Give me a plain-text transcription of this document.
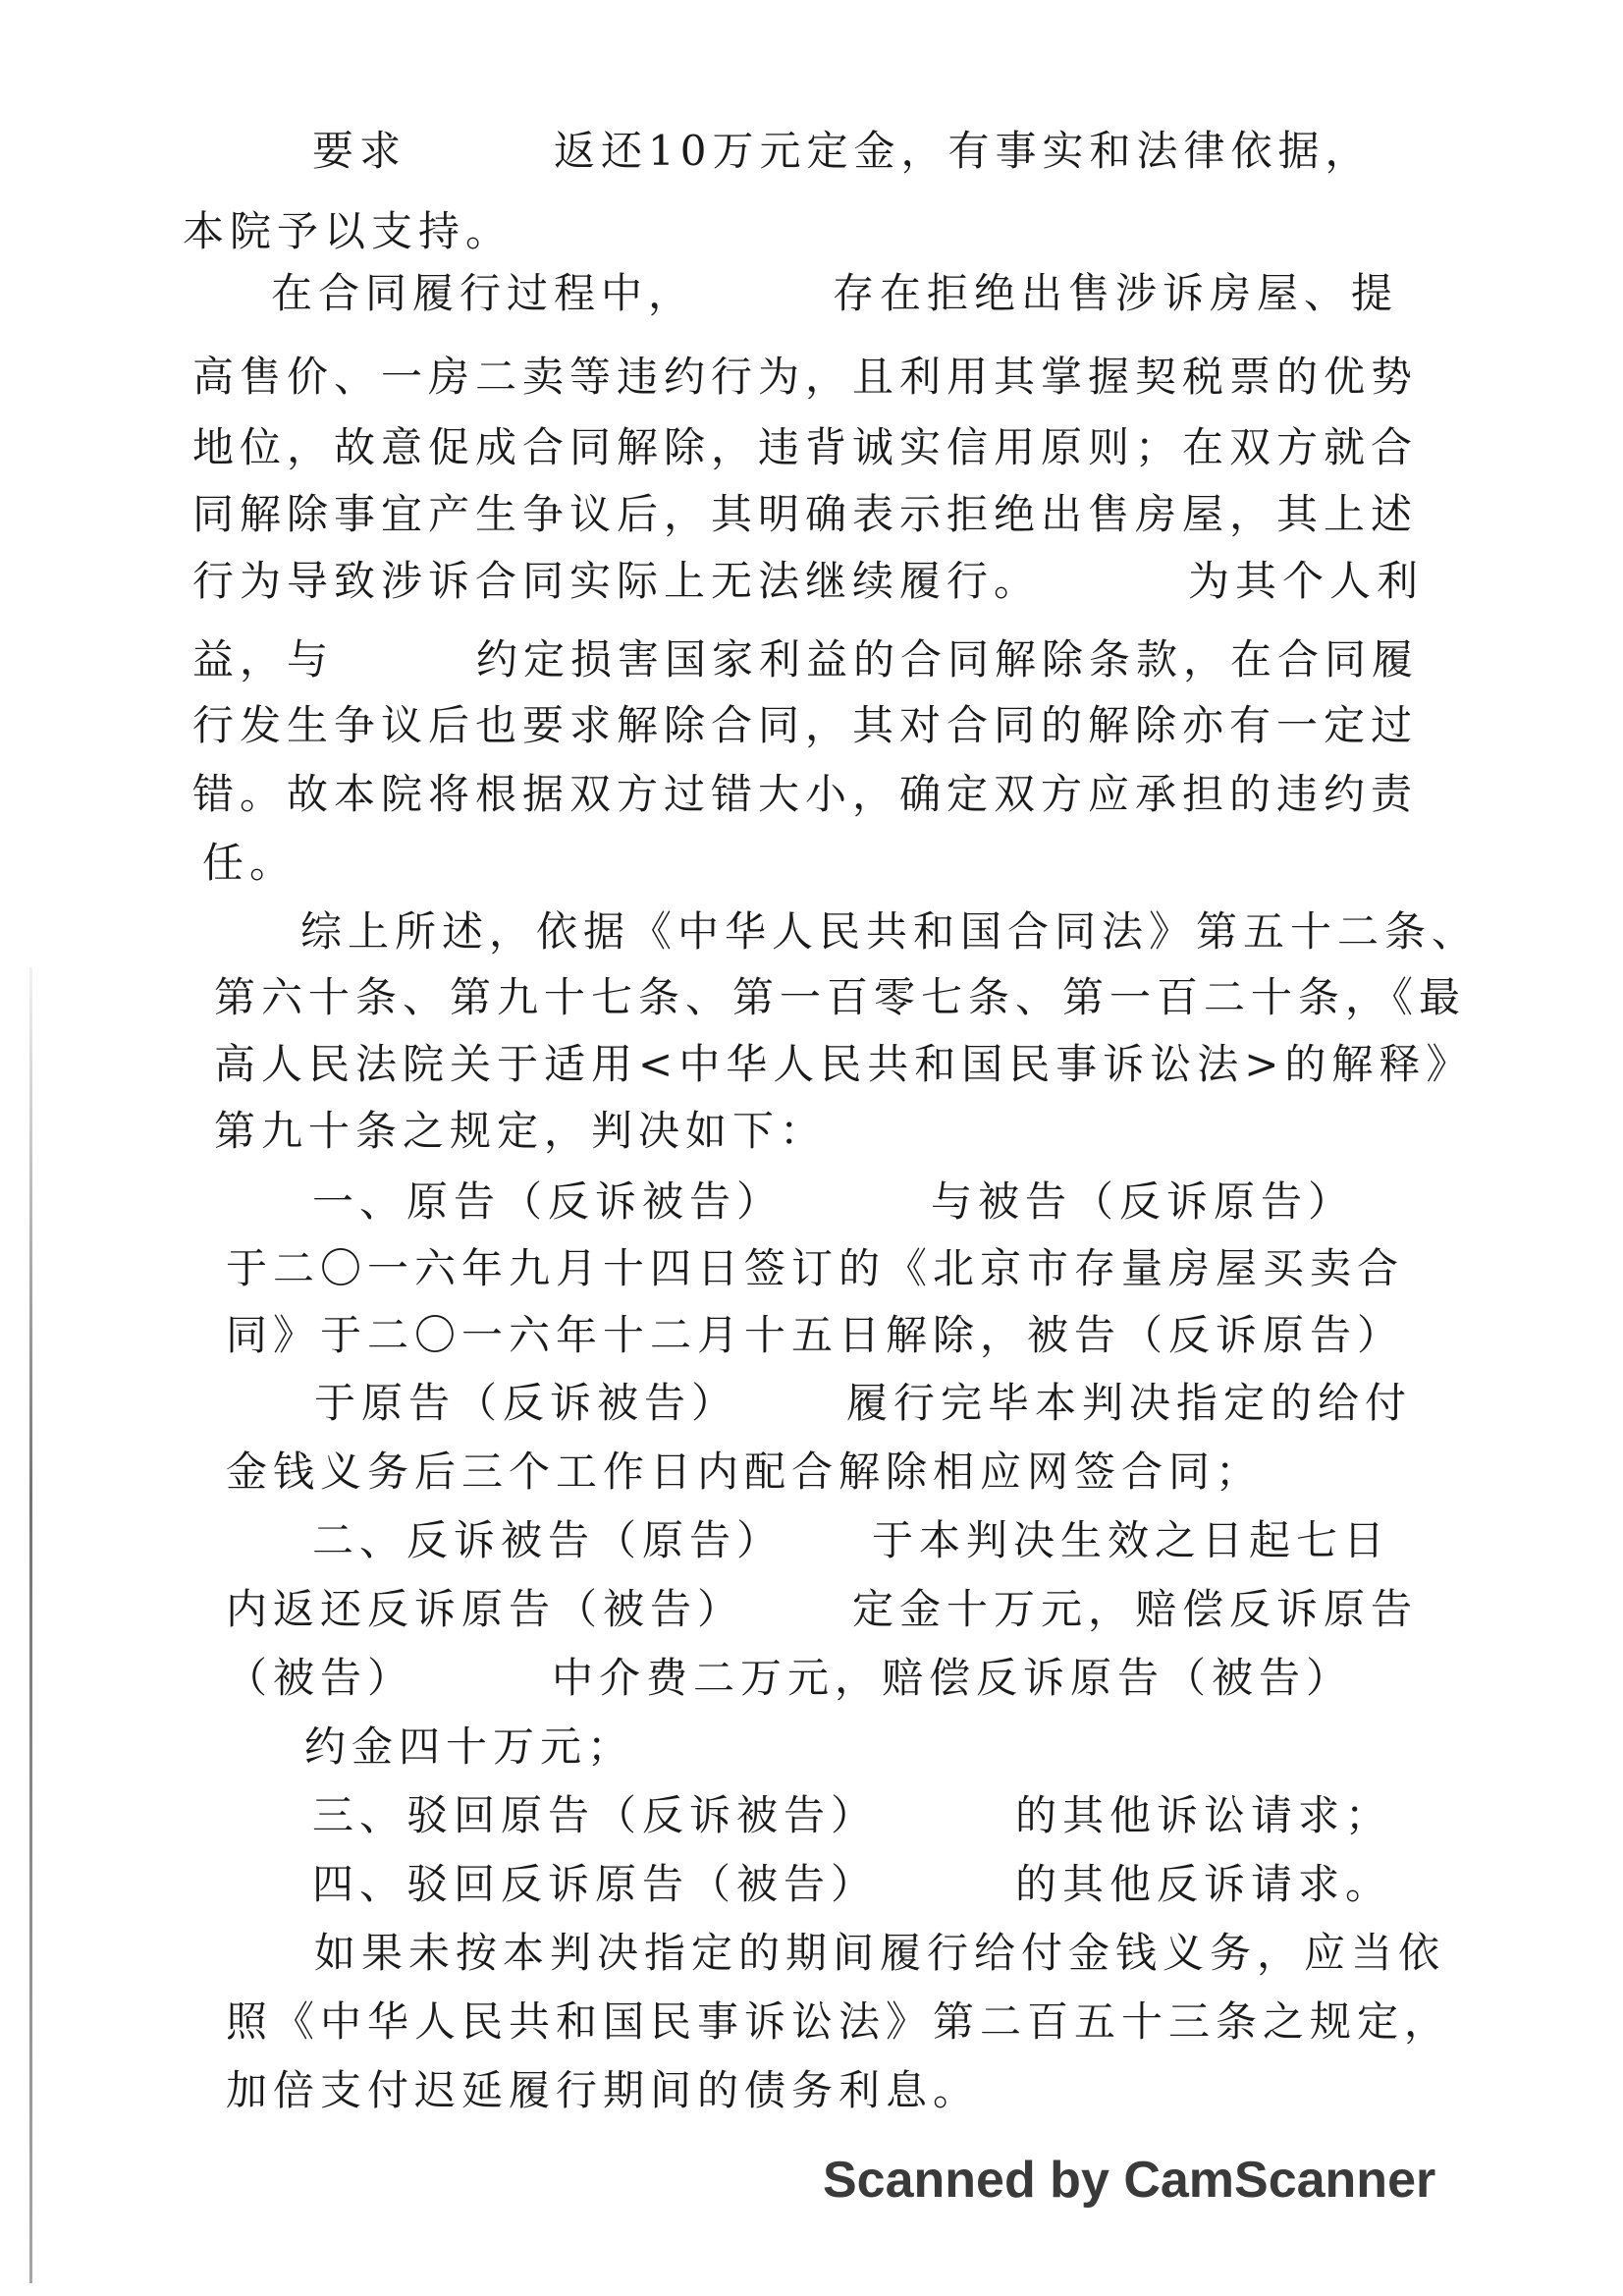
要求	返还10万元定金，有事实和法律依据，
本院予以支持。
在合同履行过程中，	存在拒绝出售涉诉房屋、提
高售价、一房二卖等违约行为，且利用其掌握契税票的优势
地位，故意促成合同解除，违背诚实信用原则；在双方就合
同解除事宜产生争议后，其明确表示拒绝出售房屋，其上述
行为导致涉诉合同实际上无法继续履行。	为其个人利
益，与	约定损害国家利益的合同解除条款，在合同履
行发生争议后也要求解除合同，其对合同的解除亦有一定过
错。故本院将根据双方过错大小，确定双方应承担的违约责
任。
综上所述，依据《中华人民共和国合同法》第五十二条、
第六十条、第九十七条、第一百零七条、第一百二十条，《最
高人民法院关于适用<中华人民共和国民事诉讼法>的解释》
第九十条之规定，判决如下：
一、原告（反诉被告）	与被告（反诉原告）
于二〇一六年九月十四日签订的《北京市存量房屋买卖合
同》于二〇一六年十二月十五日解除，被告（反诉原告）
于原告（反诉被告）	履行完毕本判决指定的给付
金钱义务后三个工作日内配合解除相应网签合同；
二、反诉被告（原告） 于本判决生效之日起七日
内返还反诉原告（被告）	定金十万元，赔偿反诉原告
（被告）	中介费二万元，赔偿反诉原告（被告）
约金四十万元；
三、驳回原告（反诉被告）	的其他诉讼请求；
四、驳回反诉原告（被告）	的其他反诉请求。
如果未按本判决指定的期间履行给付金钱义务，应当依
照《中华人民共和国民事诉讼法》第二百五十三条之规定，
加倍支付迟延履行期间的债务利息。
Scanned by CamScanner
